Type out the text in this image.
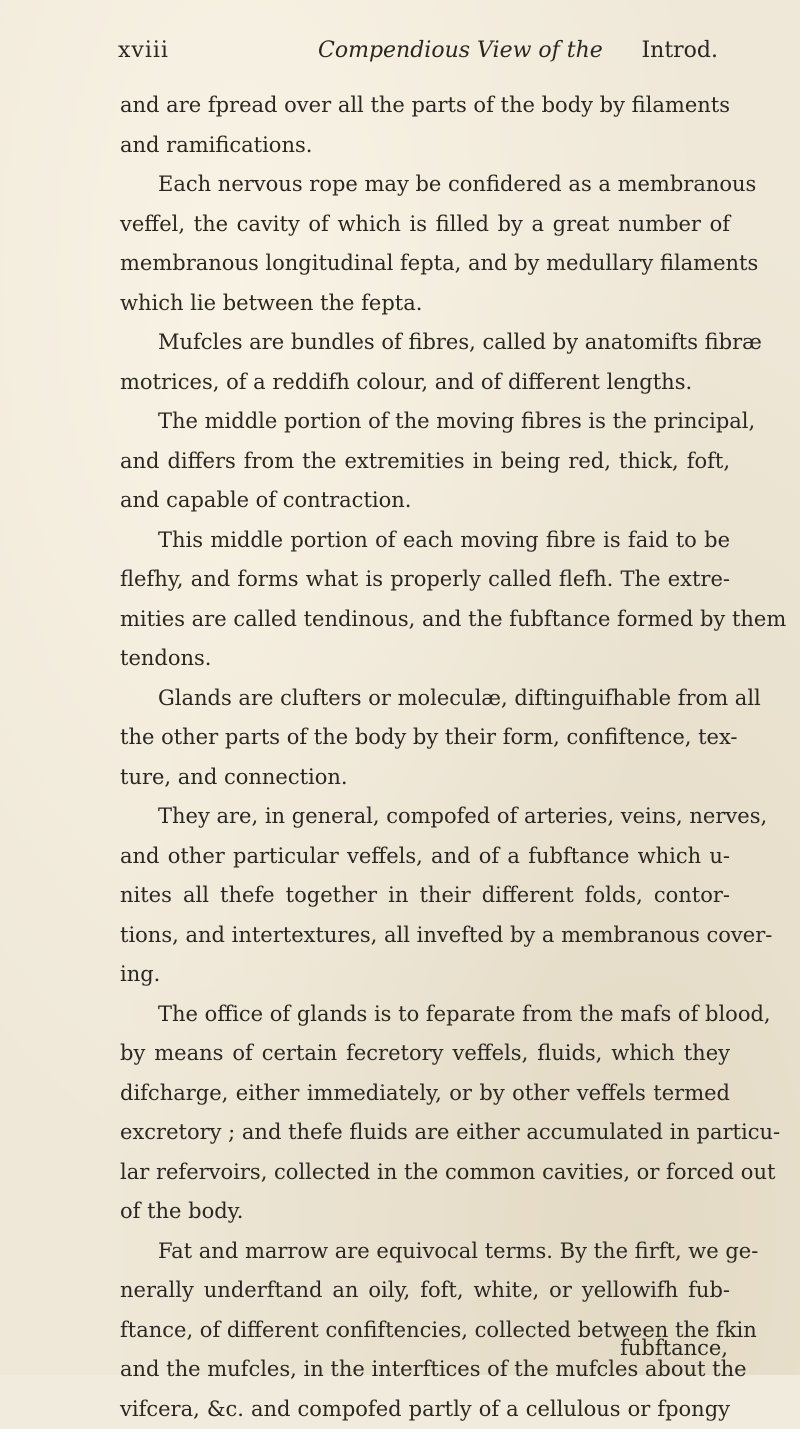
xviii	Compendious View of the Introd.
and are fpread over all the parts of the body by filaments
and ramifications.
Each nervous rope may be confidered as a membranous
veffel, the cavity of which is filled by a great number of
membranous longitudinal fepta, and by medullary filaments
which lie between the fepta.
Mufcles are bundles of fibres, called by anatomifts fibræ
motrices, of a reddifh colour, and of different lengths.
The middle portion of the moving fibres is the principal,
and differs from the extremities in being red, thick, foft,
and capable of contraction.
This middle portion of each moving fibre is faid to be
flefhy, and forms what is properly called flefh. The extre-
mities are called tendinous, and the fubftance formed by them
tendons.
Glands are clufters or moleculæ, diftinguifhable from all
the other parts of the body by their form, confiftence, tex-
ture, and connection.
They are, in general, compofed of arteries, veins, nerves,
and other particular veffels, and of a fubftance which u-
nites all thefe together in their different folds, contor-
tions, and intertextures, all invefted by a membranous cover-
ing.
The office of glands is to feparate from the mafs of blood,
by means of certain fecretory veffels, fluids, which they
difcharge, either immediately, or by other veffels termed
excretory ; and thefe fluids are either accumulated in particu-
lar refervoirs, collected in the common cavities, or forced out
of the body.
Fat and marrow are equivocal terms. By the firft, we ge-
nerally underftand an oily, foft, white, or yellowifh fub-
ftance, of different confiftencies, collected between the fkin
and the mufcles, in the interftices of the mufcles about the
vifcera, &c. and compofed partly of a cellulous or fpongy
fubftance,
